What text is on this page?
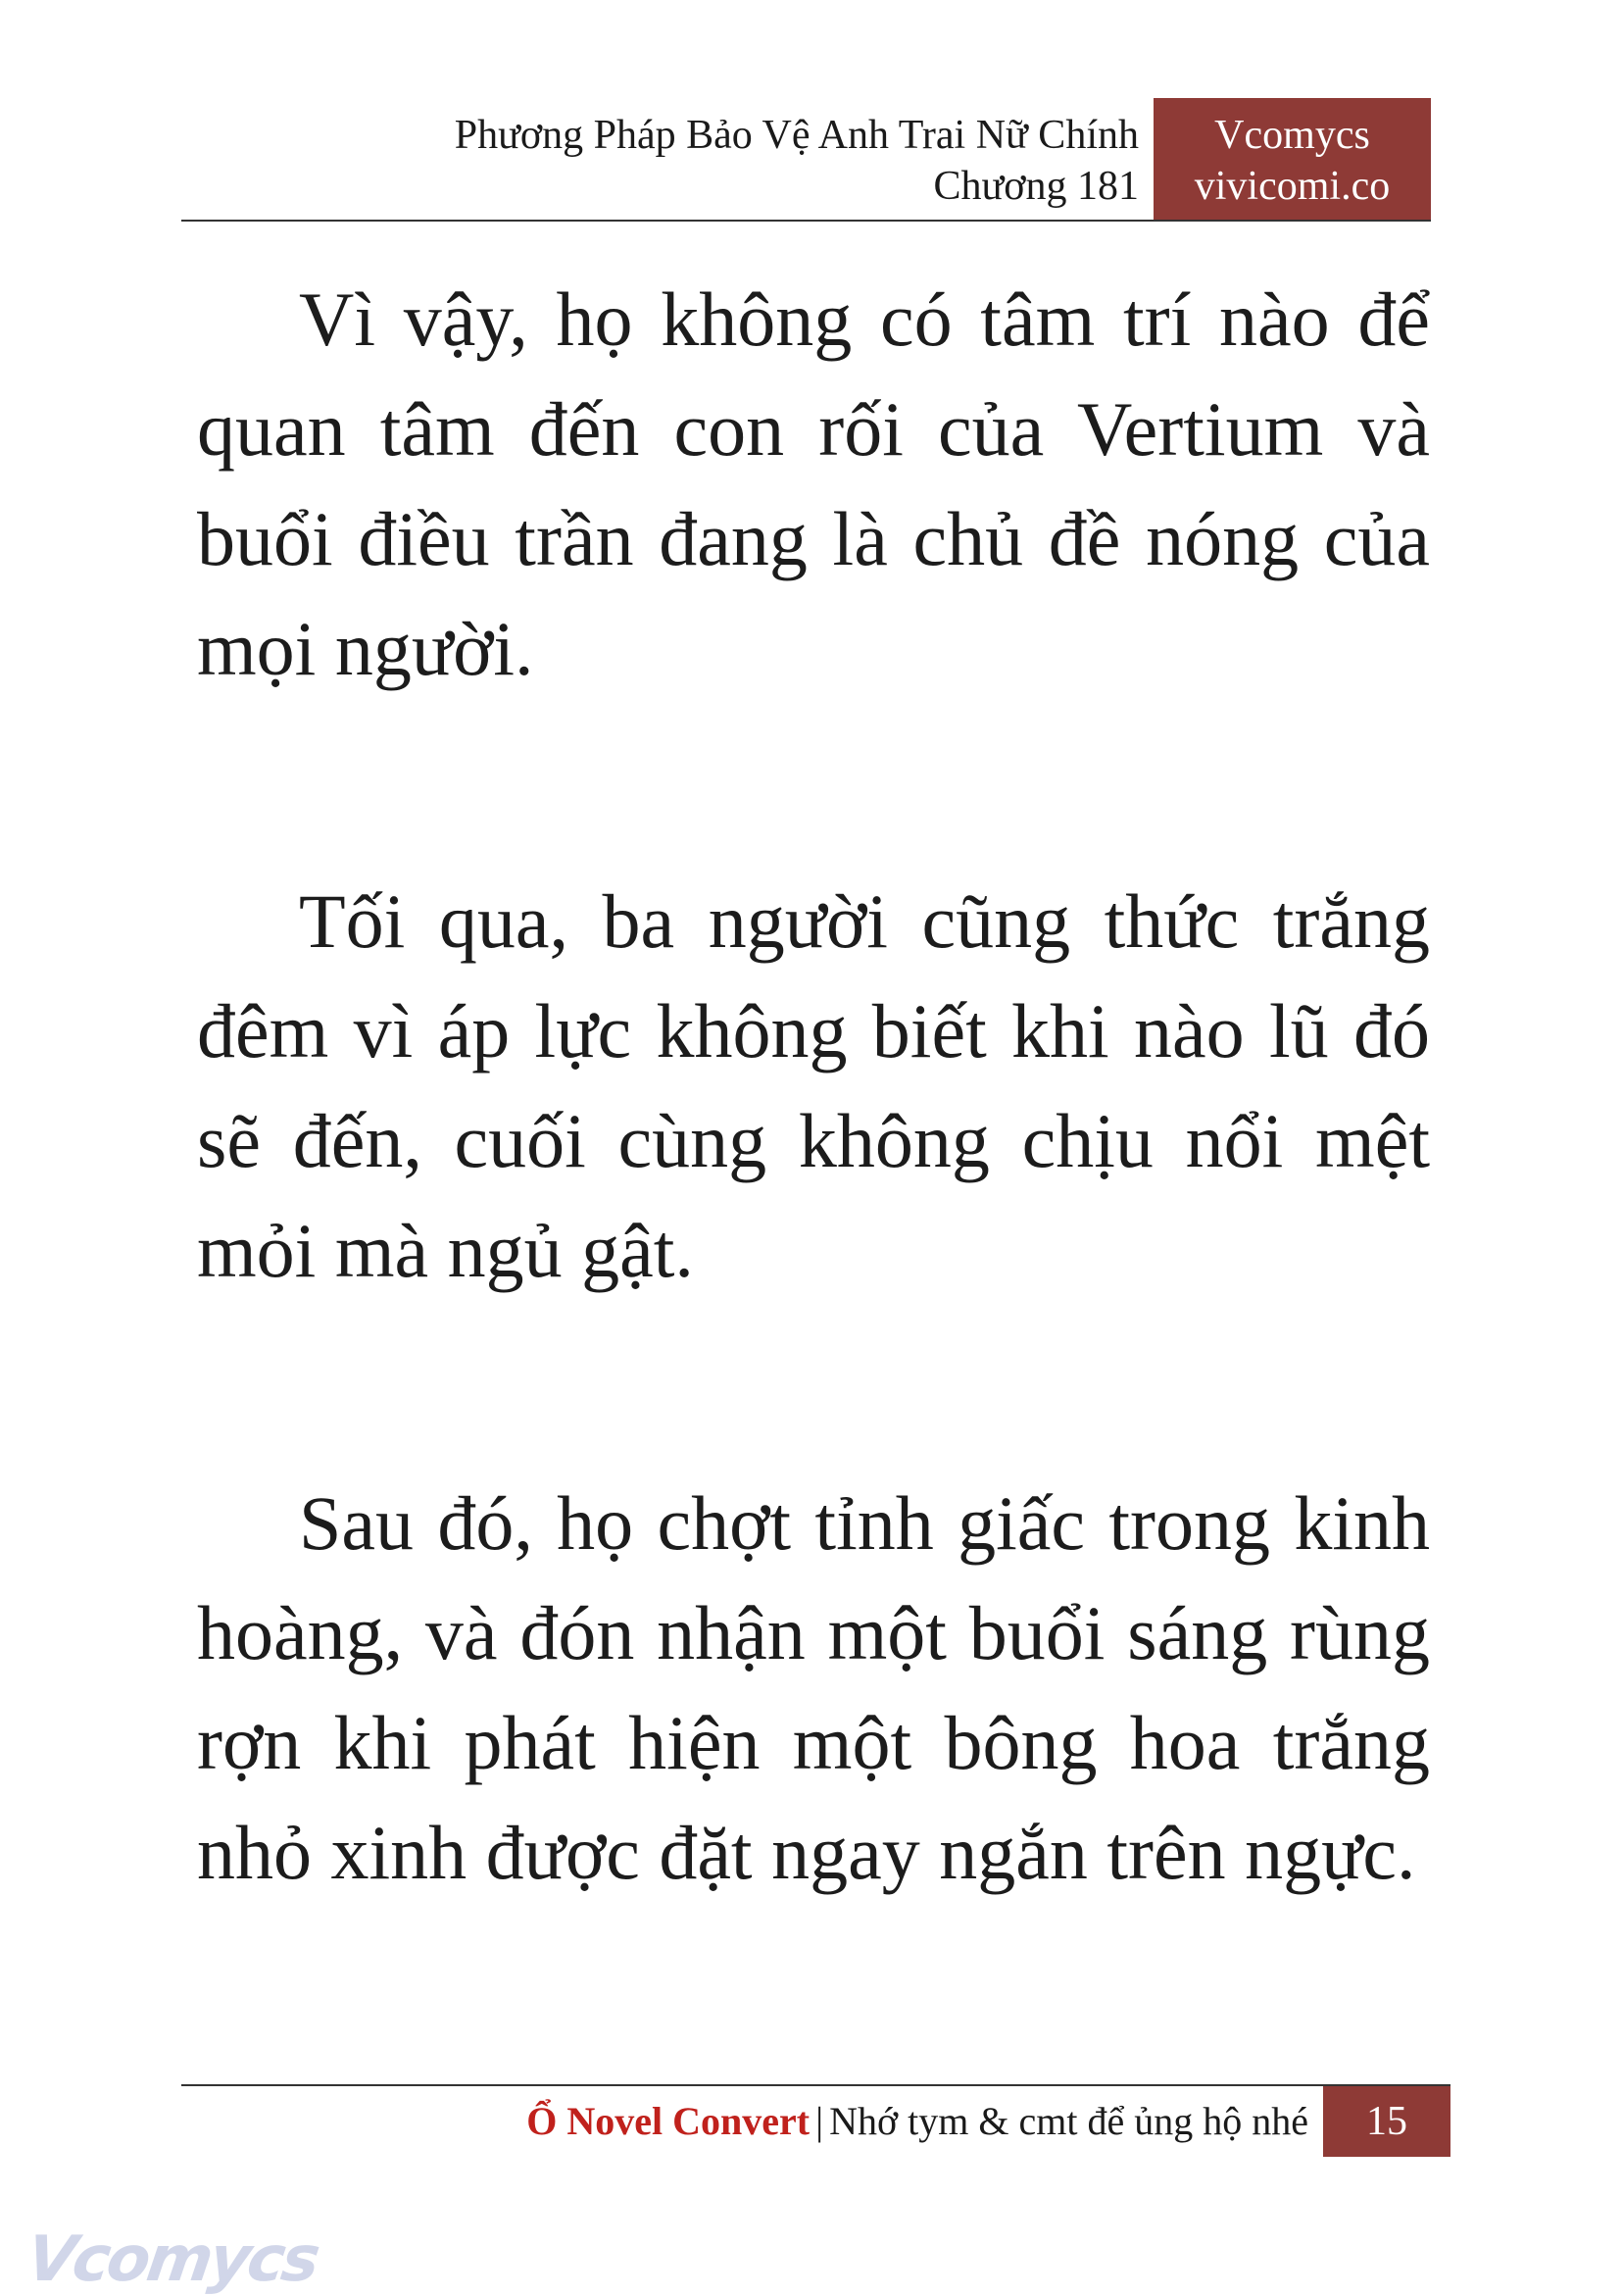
Phương Pháp Bảo Vệ Anh Trai Nữ Chính
Chương 181
Vcomycs
vivicomi.co

Vì vậy, họ không có tâm trí nào để quan tâm đến con rối của Vertium và buổi điều trần đang là chủ đề nóng của mọi người.

Tối qua, ba người cũng thức trắng đêm vì áp lực không biết khi nào lũ đó sẽ đến, cuối cùng không chịu nổi mệt mỏi mà ngủ gật.

Sau đó, họ chợt tỉnh giấc trong kinh hoàng, và đón nhận một buổi sáng rùng rợn khi phát hiện một bông hoa trắng nhỏ xinh được đặt ngay ngắn trên ngực.

Ổ Novel Convert | Nhớ tym & cmt để ủng hộ nhé	15
Vcomycs
